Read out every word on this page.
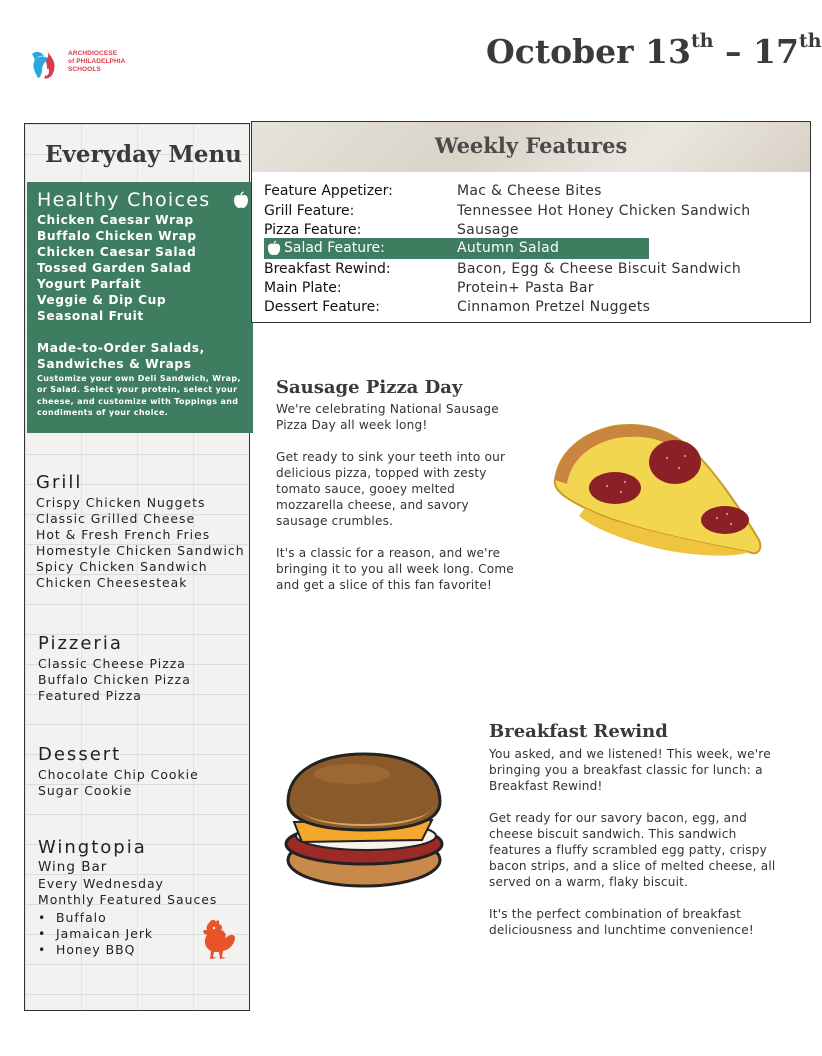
ARCHDIOCESE
of PHILADELPHIA
SCHOOLS	October 13th – 17th
Everyday Menu
Healthy Choices
Chicken Caesar Wrap
Buffalo Chicken Wrap
Chicken Caesar Salad
Tossed Garden Salad
Yogurt Parfait
Veggie & Dip Cup
Seasonal Fruit
Made-to-Order Salads, Sandwiches & Wraps
Customize your own Deli Sandwich, Wrap, or Salad. Select your protein, select your cheese, and customize with Toppings and condiments of your choice.
Grill
Crispy Chicken Nuggets
Classic Grilled Cheese
Hot & Fresh French Fries
Homestyle Chicken Sandwich
Spicy Chicken Sandwich
Chicken Cheesesteak
Pizzeria
Classic Cheese Pizza
Buffalo Chicken Pizza
Featured Pizza
Dessert
Chocolate Chip Cookie
Sugar Cookie
Wingtopia
Wing Bar
Every Wednesday
Monthly Featured Sauces
• Buffalo
• Jamaican Jerk
• Honey BBQ
Weekly Features
Feature Appetizer:	Mac & Cheese Bites
Grill Feature:	Tennessee Hot Honey Chicken Sandwich
Pizza Feature:	Sausage
Salad Feature:	Autumn Salad
Breakfast Rewind:	Bacon, Egg & Cheese Biscuit Sandwich
Main Plate:	Protein+ Pasta Bar
Dessert Feature:	Cinnamon Pretzel Nuggets
Sausage Pizza Day

We're celebrating National Sausage Pizza Day all week long!

Get ready to sink your teeth into our delicious pizza, topped with zesty tomato sauce, gooey melted mozzarella cheese, and savory sausage crumbles.

It's a classic for a reason, and we're bringing it to you all week long. Come and get a slice of this fan favorite!

Breakfast Rewind

You asked, and we listened! This week, we're bringing you a breakfast classic for lunch: a Breakfast Rewind!

Get ready for our savory bacon, egg, and cheese biscuit sandwich. This sandwich features a fluffy scrambled egg patty, crispy bacon strips, and a slice of melted cheese, all served on a warm, flaky biscuit.

It's the perfect combination of breakfast deliciousness and lunchtime convenience!
